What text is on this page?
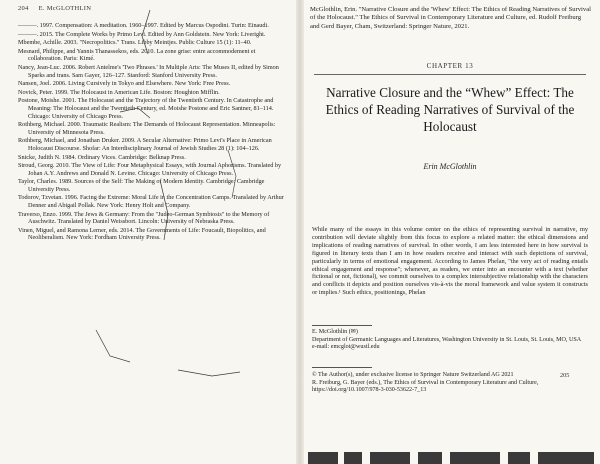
204 E. McGLOTHLIN
———. 1997. Compensation: A meditation. 1960–1997. Edited by Marcus Ospodini. Turin: Einaudi.
———. 2015. The Complete Works by Primo Levi. Edited by Ann Goldstein. New York: Liveright.
Mbembe, Achille. 2003. "Necropolitics." Trans. Libby Meintjes. Public Culture 15 (1): 11–40.
Mesnard, Philippe, and Yannis Thanassekos, eds. 2010. La zone grise: entre accommodement et collaboration. Paris: Kimé.
Nancy, Jean-Luc. 2006. Robert Antelme's 'Two Phrases.' In Multiple Arts: The Muses II, edited by Simon Sparks and trans. Sam Gayer, 126–127. Stanford: Stanford University Press.
Nansen, Joel. 2006. Living Cursively in Tokyo and Elsewhere. New York: Free Press.
Novick, Peter. 1999. The Holocaust in American Life. Boston: Houghton Mifflin.
Postone, Moishe. 2001. The Holocaust and the Trajectory of the Twentieth Century. In Catastrophe and Meaning: The Holocaust and the Twentieth Century, ed. Moishe Postone and Eric Santner, 81–114. Chicago: University of Chicago Press.
Rothberg, Michael. 2000. Traumatic Realism: The Demands of Holocaust Representation. Minneapolis: University of Minnesota Press.
Rothberg, Michael, and Jonathan Druker. 2009. A Secular Alternative: Primo Levi's Place in American Holocaust Discourse. Shofar: An Interdisciplinary Journal of Jewish Studies 28 (1): 104–126.
Snicke, Judith N. 1984. Ordinary Vices. Cambridge: Belknap Press.
Stroud, Georg. 2010. The View of Life: Four Metaphysical Essays, with Journal Aphorisms. Translated by Johan A.Y. Andrews and Donald N. Levine. Chicago: University of Chicago Press.
Taylor, Charles. 1989. Sources of the Self: The Making of Modern Identity. Cambridge: Cambridge University Press.
Todorov, Tzvetan. 1996. Facing the Extreme: Moral Life in the Concentration Camps. Translated by Arthur Denner and Abigail Pollak. New York: Henry Holt and Company.
Traverso, Enzo. 1999. The Jews & Germany: From the "Judeo-German Symbiosis" to the Memory of Auschwitz. Translated by Daniel Weissbort. Lincoln: University of Nebraska Press.
Vinen, Miguel, and Ramona Lerner, eds. 2014. The Governments of Life: Foucault, Biopolitics, and Neoliberalism. New York: Fordham University Press.
McGlothlin, Erin. "Narrative Closure and the 'Whew' Effect: The Ethics of Reading Narratives of Survival of the Holocaust." The Ethics of Survival in Contemporary Literature and Culture, ed. Rudolf Freiburg and Gerd Bayer, Cham, Switzerland: Springer Nature, 2021.
CHAPTER 13
Narrative Closure and the “Whew” Effect: The Ethics of Reading Narratives of Survival of the Holocaust
Erin McGlothlin
While many of the essays in this volume center on the ethics of representing survival in narrative, my contribution will deviate slightly from this focus to explore a related matter: the ethical dimensions and implications of reading narratives of survival. In other words, I am less interested here in how survival is figured in literary texts than I am in how readers receive and interact with such depictions of survival, particularly in terms of emotional engagement. According to James Phelan, "the very act of reading entails ethical engagement and response"; whenever, as readers, we enter into an encounter with a text (whether fictional or not, fictional), we commit ourselves to a complex intersubjective relationship with the characters and conflicts it depicts and position ourselves vis-à-vis the moral framework and value system it constructs or implies.¹ Such ethics, positionings, Phelan
E. McGlothlin (✉)
Department of Germanic Languages and Literatures, Washington University in St. Louis, St. Louis, MO, USA
e-mail: emcglot@wustl.edu
© The Author(s), under exclusive license to Springer Nature Switzerland AG 2021
R. Freiburg, G. Bayer (eds.), The Ethics of Survival in Contemporary Literature and Culture,
https://doi.org/10.1007/978-3-030-53622-7_13
205
